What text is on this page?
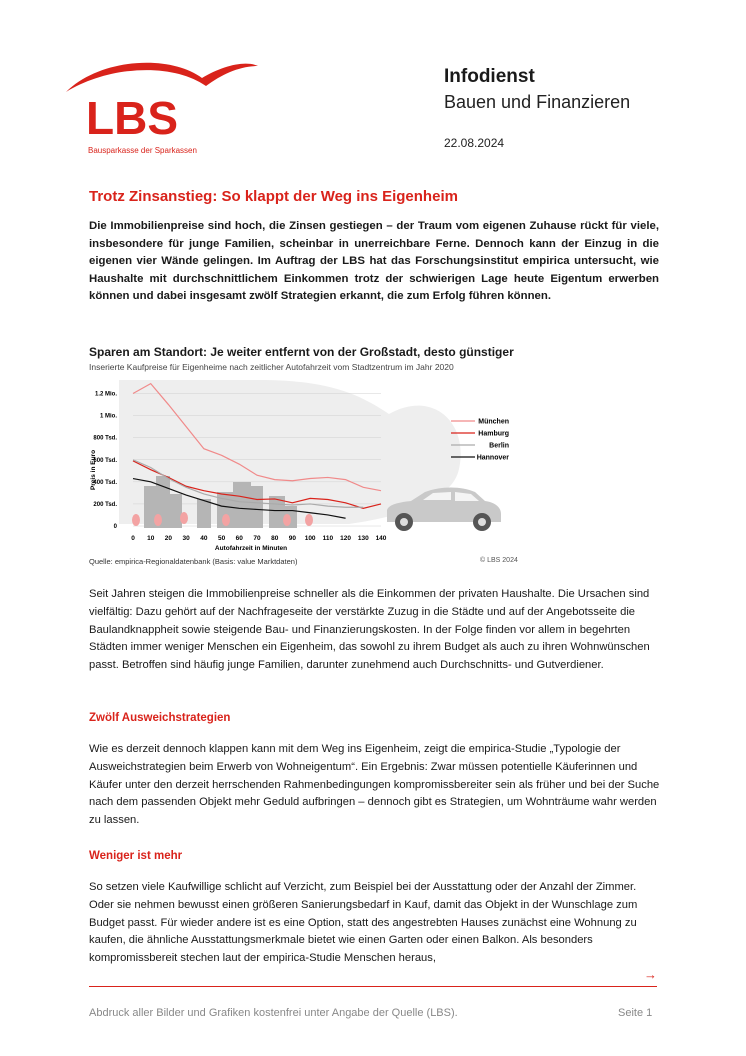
LBS
Bausparkasse der Sparkassen
Infodienst
Bauen und Finanzieren
22.08.2024
Trotz Zinsanstieg: So klappt der Weg ins Eigenheim
Die Immobilienpreise sind hoch, die Zinsen gestiegen – der Traum vom eigenen Zuhause rückt für viele, insbesondere für junge Familien, scheinbar in unerreichbare Ferne. Dennoch kann der Einzug in die eigenen vier Wände gelingen. Im Auftrag der LBS hat das Forschungsinstitut empirica untersucht, wie Haushalte mit durchschnittlichem Einkommen trotz der schwierigen Lage heute Eigentum erwerben können und dabei insgesamt zwölf Strategien erkannt, die zum Erfolg führen können.
Sparen am Standort: Je weiter entfernt von der Großstadt, desto günstiger
Inserierte Kaufpreise für Eigenheime nach zeitlicher Autofahrzeit vom Stadtzentrum im Jahr 2020
0
200 Tsd.
400 Tsd.
600 Tsd.
800 Tsd.
1 Mio.
1.2 Mio.
0 10 20 30 40 50 60 70 80 90 100 110 120 130 140
München
Hamburg
Berlin
Hannover
Preis in Euro
Autofahrzeit in Minuten
Quelle: empirica-Regionaldatenbank (Basis: value Marktdaten)	© LBS 2024
Seit Jahren steigen die Immobilienpreise schneller als die Einkommen der privaten Haushalte. Die Ursachen sind vielfältig: Dazu gehört auf der Nachfrageseite der verstärkte Zuzug in die Städte und auf der Angebotsseite die Baulandknappheit sowie steigende Bau- und Finanzierungskosten. In der Folge finden vor allem in begehrten Städten immer weniger Menschen ein Eigenheim, das sowohl zu ihrem Budget als auch zu ihren Wohnwünschen passt. Betroffen sind häufig junge Familien, darunter zunehmend auch Durchschnitts- und Gutverdiener.
Zwölf Ausweichstrategien
Wie es derzeit dennoch klappen kann mit dem Weg ins Eigenheim, zeigt die empirica-Studie „Typologie der Ausweichstrategien beim Erwerb von Wohneigentum“. Ein Ergebnis: Zwar müssen potentielle Käuferinnen und Käufer unter den derzeit herrschenden Rahmenbedingungen kompromissbereiter sein als früher und bei der Suche nach dem passenden Objekt mehr Geduld aufbringen – dennoch gibt es Strategien, um Wohnträume wahr werden zu lassen.
Weniger ist mehr
So setzen viele Kaufwillige schlicht auf Verzicht, zum Beispiel bei der Ausstattung oder der Anzahl der Zimmer. Oder sie nehmen bewusst einen größeren Sanierungsbedarf in Kauf, damit das Objekt in der Wunschlage zum Budget passt. Für wieder andere ist es eine Option, statt des angestrebten Hauses zunächst eine Wohnung zu kaufen, die ähnliche Ausstattungsmerkmale bietet wie einen Garten oder einen Balkon. Als besonders kompromissbereit stechen laut der empirica-Studie Menschen heraus,
→
Abdruck aller Bilder und Grafiken kostenfrei unter Angabe der Quelle (LBS).	Seite 1
